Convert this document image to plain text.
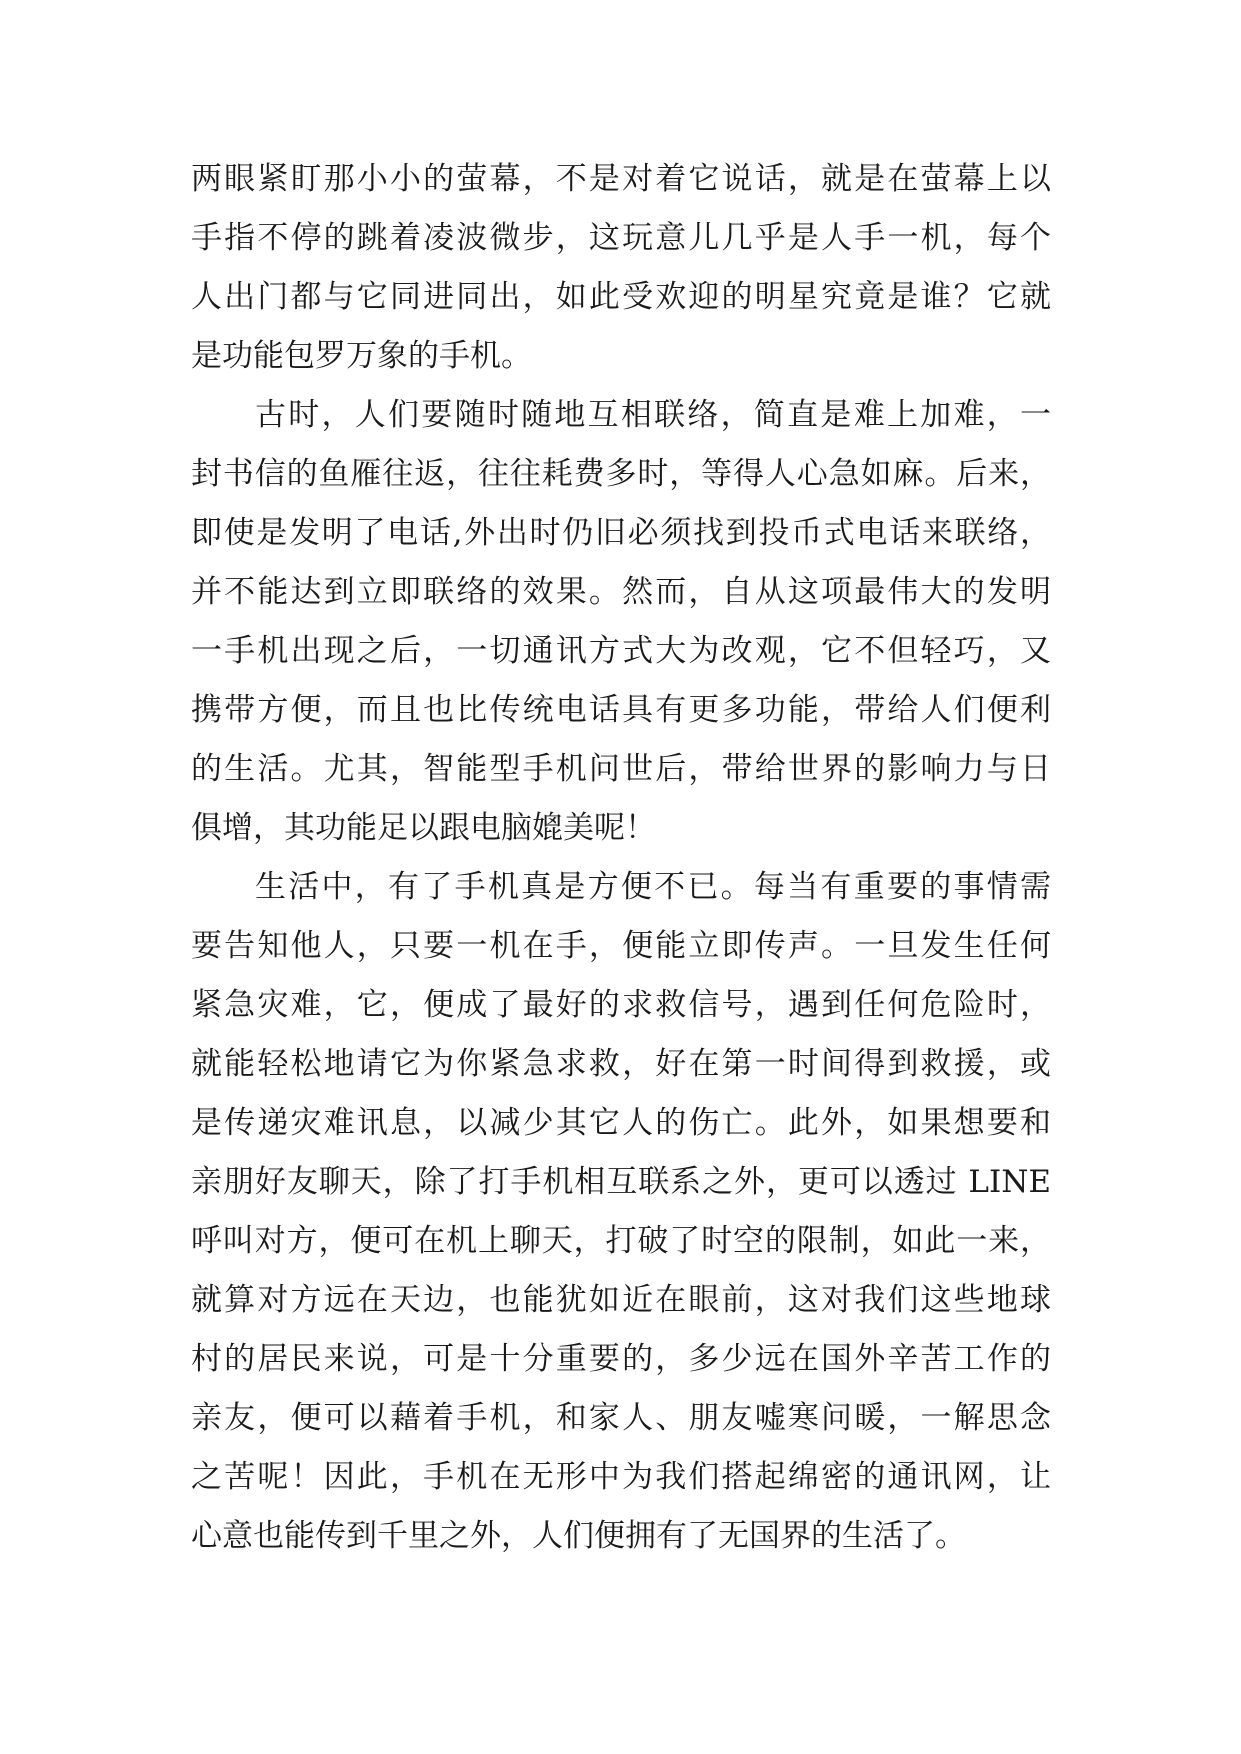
两眼紧盯那小小的萤幕，不是对着它说话，就是在萤幕上以
手指不停的跳着凌波微步，这玩意儿几乎是人手一机，每个
人出门都与它同进同出，如此受欢迎的明星究竟是谁？它就
是功能包罗万象的手机。
古时，人们要随时随地互相联络，简直是难上加难，一
封书信的鱼雁往返，往往耗费多时，等得人心急如麻。后来，
即使是发明了电话,外出时仍旧必须找到投币式电话来联络，
并不能达到立即联络的效果。然而，自从这项最伟大的发明
一手机出现之后，一切通讯方式大为改观，它不但轻巧，又
携带方便，而且也比传统电话具有更多功能，带给人们便利
的生活。尤其，智能型手机问世后，带给世界的影响力与日
俱增，其功能足以跟电脑媲美呢！
生活中，有了手机真是方便不已。每当有重要的事情需
要告知他人，只要一机在手，便能立即传声。一旦发生任何
紧急灾难，它，便成了最好的求救信号，遇到任何危险时，
就能轻松地请它为你紧急求救，好在第一时间得到救援，或
是传递灾难讯息，以减少其它人的伤亡。此外，如果想要和
亲朋好友聊天，除了打手机相互联系之外，更可以透过 LINE
呼叫对方，便可在机上聊天，打破了时空的限制，如此一来，
就算对方远在天边，也能犹如近在眼前，这对我们这些地球
村的居民来说，可是十分重要的，多少远在国外辛苦工作的
亲友，便可以藉着手机，和家人、朋友嘘寒问暖，一解思念
之苦呢！因此，手机在无形中为我们搭起绵密的通讯网，让
心意也能传到千里之外，人们便拥有了无国界的生活了。
